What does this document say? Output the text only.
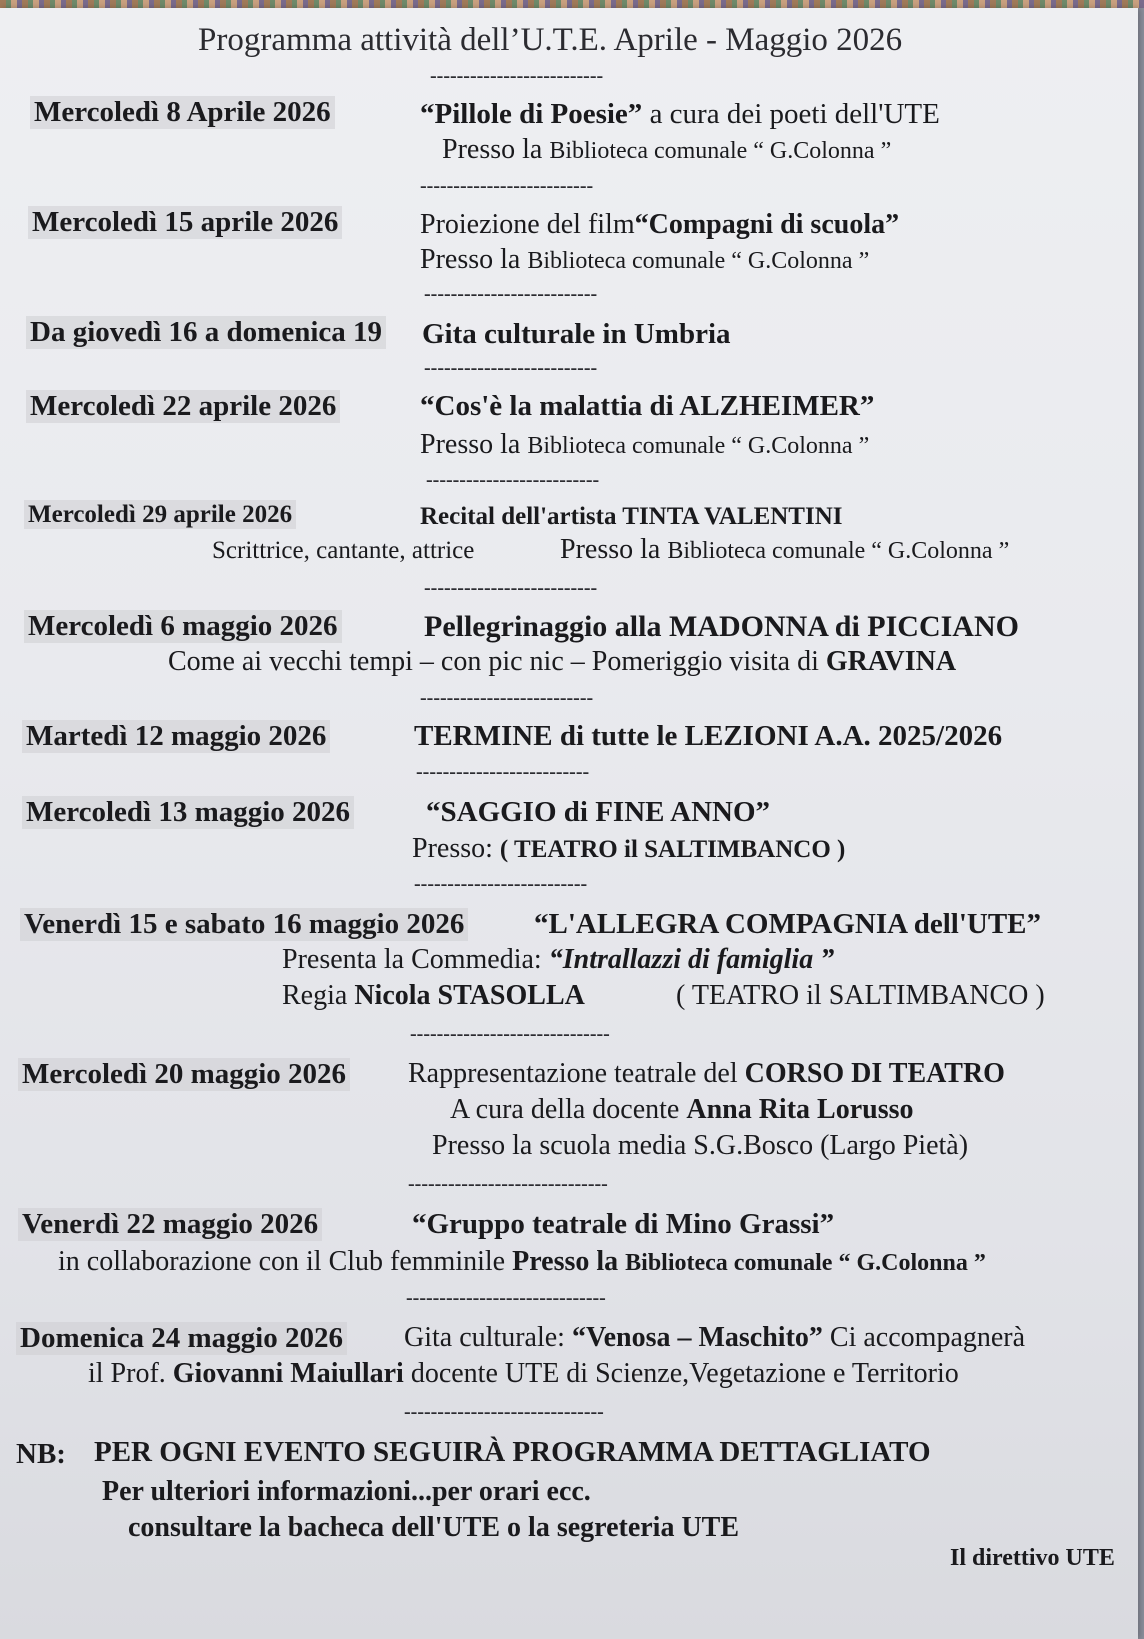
Programma attività dell’U.T.E. Aprile - Maggio 2026
--------------------------
Mercoledì 8 Aprile 2026	“Pillole di Poesie” a cura dei poeti dell'UTE
Presso la Biblioteca comunale “ G.Colonna ”
--------------------------
Mercoledì 15 aprile 2026	Proiezione del film“Compagni di scuola”
Presso la Biblioteca comunale “ G.Colonna ”
--------------------------
Da giovedì 16 a domenica 19 Gita culturale in Umbria
--------------------------
Mercoledì 22 aprile 2026	“Cos'è la malattia di ALZHEIMER”
Presso la Biblioteca comunale “ G.Colonna ”
--------------------------
Mercoledì 29 aprile 2026	Recital dell'artista TINTA VALENTINI
Scrittrice, cantante, attrice	Presso la Biblioteca comunale “ G.Colonna ”
--------------------------
Mercoledì 6 maggio 2026	Pellegrinaggio alla MADONNA di PICCIANO
Come ai vecchi tempi – con pic nic – Pomeriggio visita di GRAVINA
--------------------------
Martedì 12 maggio 2026	TERMINE di tutte le LEZIONI A.A. 2025/2026
--------------------------
Mercoledì 13 maggio 2026	“SAGGIO di FINE ANNO”
Presso: ( TEATRO il SALTIMBANCO )
--------------------------
Venerdì 15 e sabato 16 maggio 2026 “L'ALLEGRA COMPAGNIA dell'UTE”
Presenta la Commedia: “Intrallazzi di famiglia ”
Regia Nicola STASOLLA	( TEATRO il SALTIMBANCO )
------------------------------
Mercoledì 20 maggio 2026 Rappresentazione teatrale del CORSO DI TEATRO
A cura della docente Anna Rita Lorusso
Presso la scuola media S.G.Bosco (Largo Pietà)
------------------------------
Venerdì 22 maggio 2026	“Gruppo teatrale di Mino Grassi”
in collaborazione con il Club femminile Presso la Biblioteca comunale “ G.Colonna ”
------------------------------
Domenica 24 maggio 2026 Gita culturale: “Venosa – Maschito” Ci accompagnerà
il Prof. Giovanni Maiullari docente UTE di Scienze,Vegetazione e Territorio
------------------------------
NB: PER OGNI EVENTO SEGUIRÀ PROGRAMMA DETTAGLIATO
Per ulteriori informazioni...per orari ecc.
consultare la bacheca dell'UTE o la segreteria UTE
Il direttivo UTE
